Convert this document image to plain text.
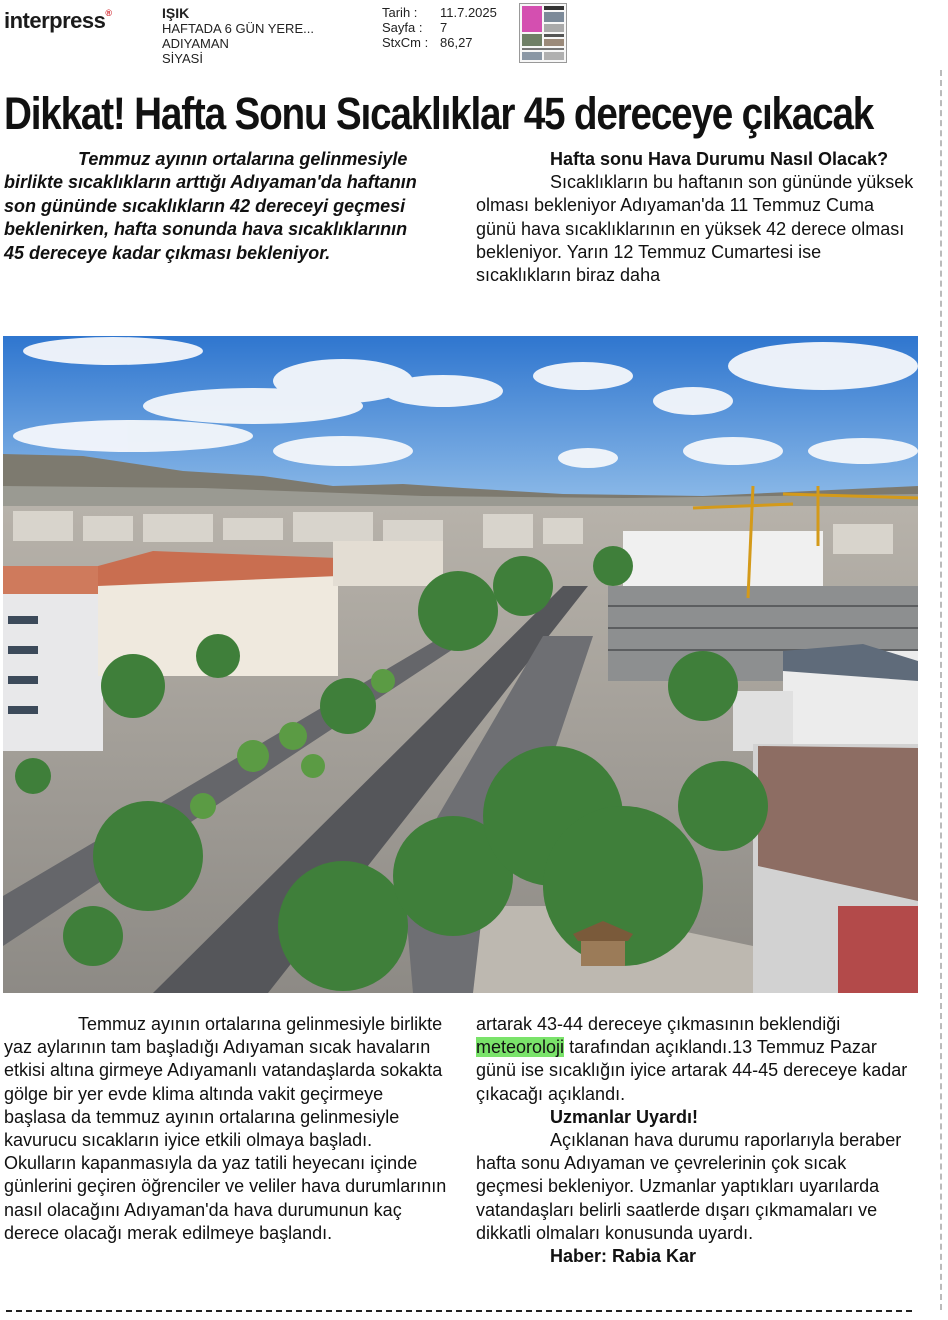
interpress®	IŞIK
HAFTADA 6 GÜN YERE...
ADIYAMAN
SİYASİ
Tarih :	11.7.2025
Sayfa :	7
StxCm : 86,27
Dikkat! Hafta Sonu Sıcaklıklar 45 dereceye çıkacak
Temmuz ayının ortalarına gelinmesiyle birlikte sıcaklıkların arttığı Adıyaman'da haftanın son gününde sıcaklıkların 42 dereceyi geçmesi beklenirken, hafta sonunda hava sıcaklıklarının 45 dereceye kadar çıkması bekleniyor.
Hafta sonu Hava Durumu Nasıl Olacak?
Sıcaklıkların bu haftanın son gününde yüksek olması bekleniyor Adıyaman'da 11 Temmuz Cuma günü hava sıcaklıklarının en yüksek 42 derece olması bekleniyor. Yarın 12 Temmuz Cumartesi ise sıcaklıkların biraz daha
Temmuz ayının ortalarına gelinmesiyle birlikte yaz aylarının tam başladığı Adıyaman sıcak havaların etkisi altına girmeye Adıyamanlı vatandaşlarda sokakta gölge bir yer evde klima altında vakit geçirmeye başlasa da temmuz ayının ortalarına gelinmesiyle kavurucu sıcakların iyice etkili olmaya başladı. Okulların kapanmasıyla da yaz tatili heyecanı içinde günlerini geçiren öğrenciler ve veliler hava durumlarının nasıl olacağını Adıyaman'da hava durumunun kaç derece olacağı merak edilmeye başlandı.
artarak 43-44 dereceye çıkmasının beklendiği meteoroloji tarafından açıklandı.13 Temmuz Pazar günü ise sıcaklığın iyice artarak 44-45 dereceye kadar çıkacağı açıklandı.
Uzmanlar Uyardı!
Açıklanan hava durumu raporlarıyla beraber hafta sonu Adıyaman ve çevrelerinin çok sıcak geçmesi bekleniyor. Uzmanlar yaptıkları uyarılarda vatandaşları belirli saatlerde dışarı çıkmamaları ve dikkatli olmaları konusunda uyardı.
Haber: Rabia Kar
